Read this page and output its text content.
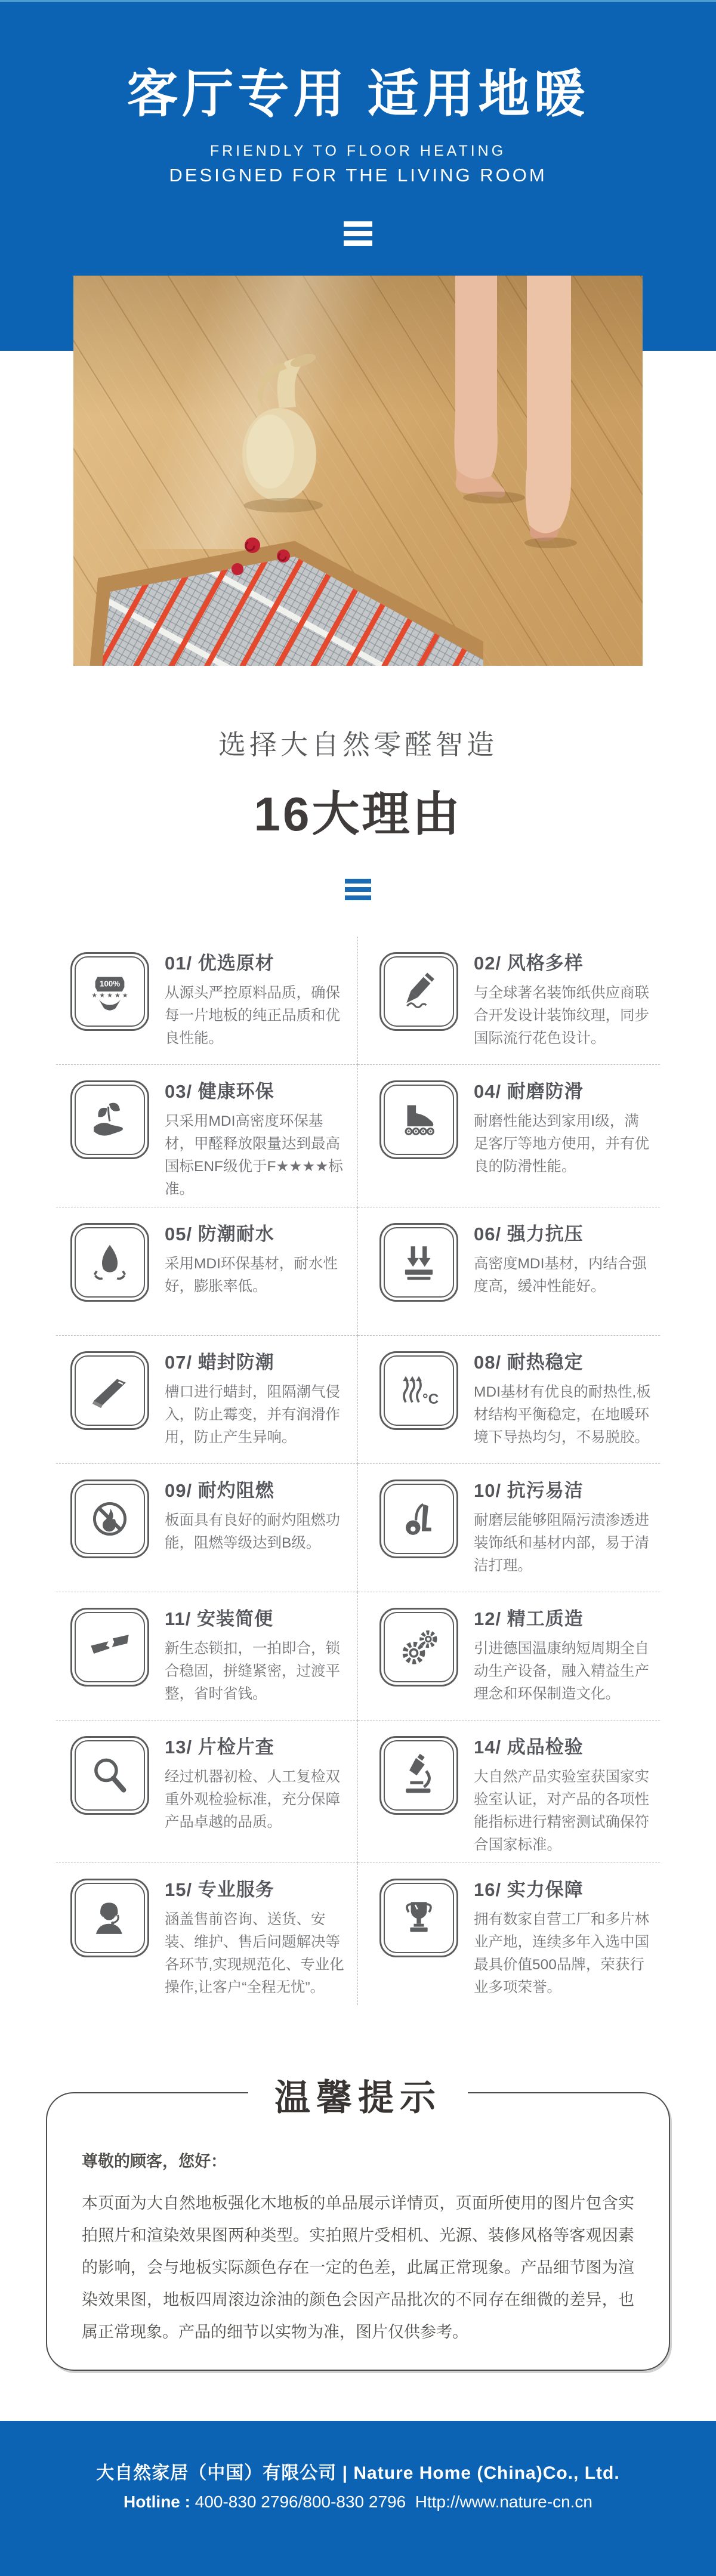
客厅专用 适用地暖
FRIENDLY TO FLOOR HEATING
DESIGNED FOR THE LIVING ROOM
选择大自然零醛智造
16大理由
100%
★ ★ ★ ★ ★
01/ 优选原材
从源头严控原料品质，确保每一片地板的纯正品质和优良性能。
02/ 风格多样
与全球著名装饰纸供应商联合开发设计装饰纹理，同步国际流行花色设计。
03/ 健康环保
只采用MDI高密度环保基材，甲醛释放限量达到最高国标ENF级优于F★★★★标准。
04/ 耐磨防滑
耐磨性能达到家用Ⅰ级，满足客厅等地方使用，并有优良的防滑性能。
05/ 防潮耐水
采用MDI环保基材，耐水性好，膨胀率低。
06/ 强力抗压
高密度MDI基材，内结合强度高，缓冲性能好。
07/ 蜡封防潮
槽口进行蜡封，阻隔潮气侵入，防止霉变，并有润滑作用，防止产生异响。
°C
08/ 耐热稳定
MDI基材有优良的耐热性,板材结构平衡稳定，在地暖环境下导热均匀，不易脱胶。
09/ 耐灼阻燃
板面具有良好的耐灼阻燃功能，阻燃等级达到B级。
10/ 抗污易洁
耐磨层能够阻隔污渍渗透进装饰纸和基材内部，易于清洁打理。
11/ 安装简便
新生态锁扣，一拍即合，锁合稳固，拼缝紧密，过渡平整，省时省钱。
12/ 精工质造
引进德国温康纳短周期全自动生产设备，融入精益生产理念和环保制造文化。
13/ 片检片查
经过机器初检、人工复检双重外观检验标准，充分保障产品卓越的品质。
14/ 成品检验
大自然产品实验室获国家实验室认证，对产品的各项性能指标进行精密测试确保符合国家标准。
15/ 专业服务
涵盖售前咨询、送货、安装、维护、售后问题解决等各环节,实现规范化、专业化操作,让客户“全程无忧”。
16/ 实力保障
拥有数家自营工厂和多片林业产地，连续多年入选中国最具价值500品牌，荣获行业多项荣誉。
温馨提示
尊敬的顾客，您好：
本页面为大自然地板强化木地板的单品展示详情页，页面所使用的图片包含实拍照片和渲染效果图两种类型。实拍照片受相机、光源、装修风格等客观因素的影响，会与地板实际颜色存在一定的色差，此属正常现象。产品细节图为渲染效果图，地板四周滚边涂油的颜色会因产品批次的不同存在细微的差异，也属正常现象。产品的细节以实物为准，图片仅供参考。
大自然家居（中国）有限公司 | Nature Home (China)Co., Ltd.
Hotline : 400-830 2796/800-830 2796 Http://www.nature-cn.cn
